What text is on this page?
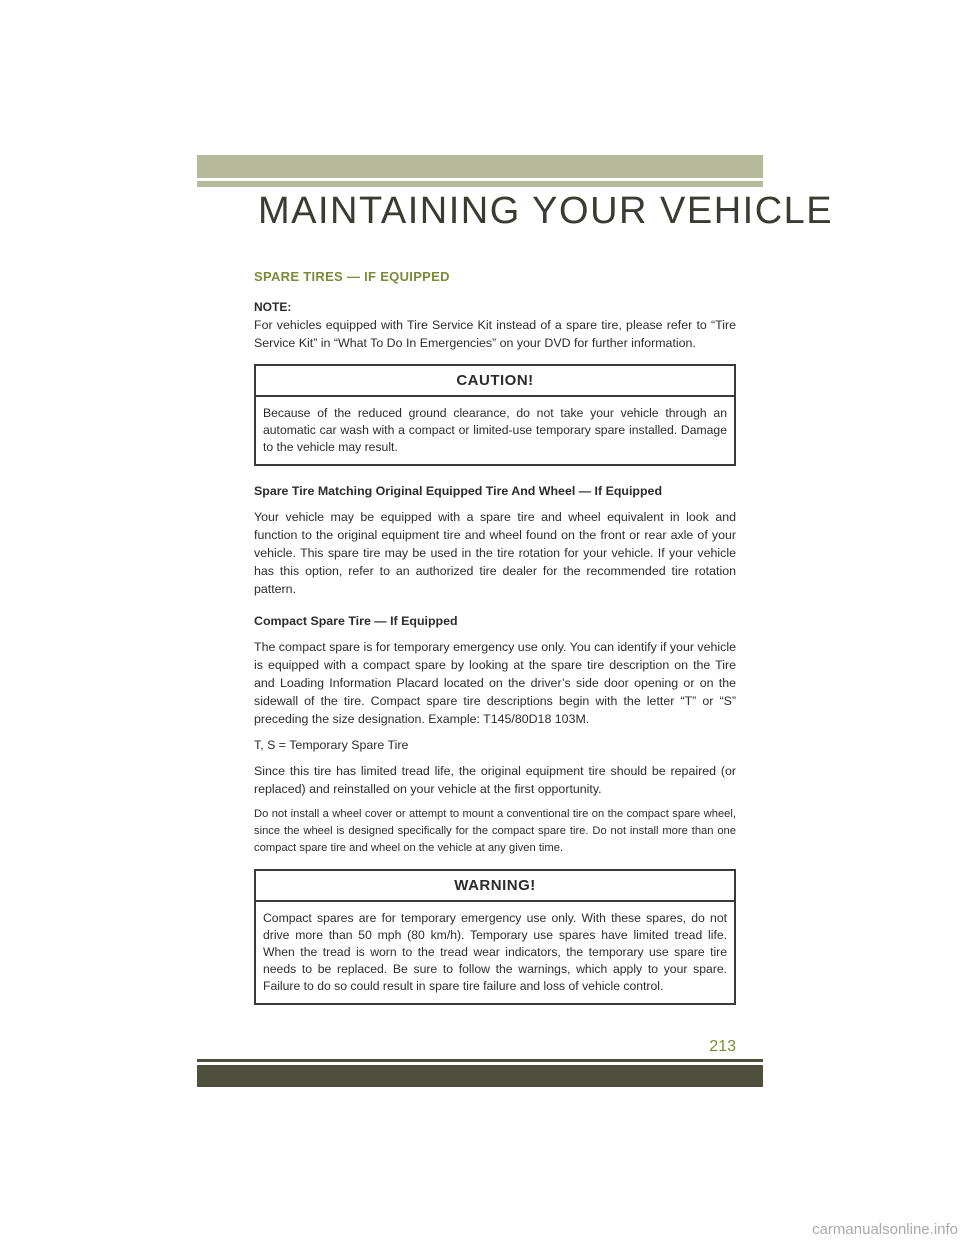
MAINTAINING YOUR VEHICLE
SPARE TIRES — IF EQUIPPED
NOTE:

For vehicles equipped with Tire Service Kit instead of a spare tire, please refer to “Tire Service Kit” in “What To Do In Emergencies” on your DVD for further information.

CAUTION!
Because of the reduced ground clearance, do not take your vehicle through an automatic car wash with a compact or limited-use temporary spare installed. Damage to the vehicle may result.
Spare Tire Matching Original Equipped Tire And Wheel — If Equipped

Your vehicle may be equipped with a spare tire and wheel equivalent in look and function to the original equipment tire and wheel found on the front or rear axle of your vehicle. This spare tire may be used in the tire rotation for your vehicle. If your vehicle has this option, refer to an authorized tire dealer for the recommended tire rotation pattern.

Compact Spare Tire — If Equipped

The compact spare is for temporary emergency use only. You can identify if your vehicle is equipped with a compact spare by looking at the spare tire description on the Tire and Loading Information Placard located on the driver’s side door opening or on the sidewall of the tire. Compact spare tire descriptions begin with the letter “T” or “S” preceding the size designation. Example: T145/80D18 103M.

T, S = Temporary Spare Tire

Since this tire has limited tread life, the original equipment tire should be repaired (or replaced) and reinstalled on your vehicle at the first opportunity.

Do not install a wheel cover or attempt to mount a conventional tire on the compact spare wheel, since the wheel is designed specifically for the compact spare tire. Do not install more than one compact spare tire and wheel on the vehicle at any given time.

WARNING!
Compact spares are for temporary emergency use only. With these spares, do not drive more than 50 mph (80 km/h). Temporary use spares have limited tread life. When the tread is worn to the tread wear indicators, the temporary use spare tire needs to be replaced. Be sure to follow the warnings, which apply to your spare. Failure to do so could result in spare tire failure and loss of vehicle control.
213
carmanualsonline.info
